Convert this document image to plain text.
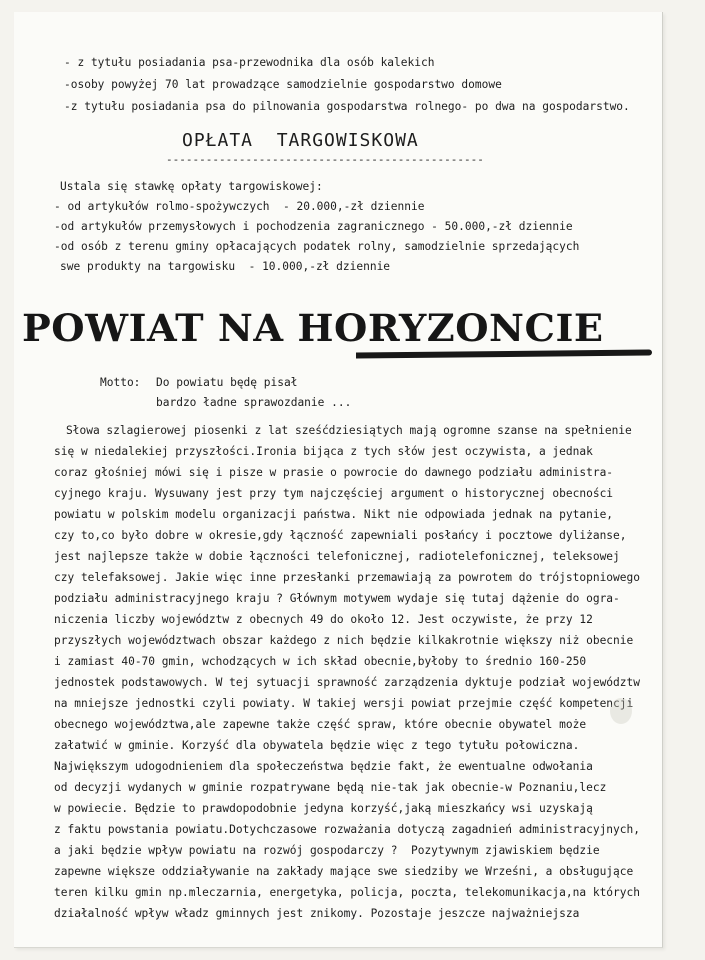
- z tytułu posiadania psa-przewodnika dla osób kalekich
-osoby powyżej 70 lat prowadzące samodzielnie gospodarstwo domowe
-z tytułu posiadania psa do pilnowania gospodarstwa rolnego- po dwa na gospodarstwo.
OPŁATA  TARGOWISKOWA
------------------------------------------------
Ustala się stawkę opłaty targowiskowej:
- od artykułów rolmo-spożywczych  - 20.000,-zł dziennie
-od artykułów przemysłowych i pochodzenia zagranicznego - 50.000,-zł dziennie
-od osób z terenu gminy opłacających podatek rolny, samodzielnie sprzedających
swe produkty na targowisku  - 10.000,-zł dziennie
POWIAT NA HORYZONCIE
Motto: Do powiatu będę pisał
bardzo ładne sprawozdanie ...
Słowa szlagierowej piosenki z lat sześćdziesiątych mają ogromne szanse na spełnienie
się w niedalekiej przyszłości.Ironia bijąca z tych słów jest oczywista, a jednak
coraz głośniej mówi się i pisze w prasie o powrocie do dawnego podziału administra-
cyjnego kraju. Wysuwany jest przy tym najczęściej argument o historycznej obecności
powiatu w polskim modelu organizacji państwa. Nikt nie odpowiada jednak na pytanie,
czy to,co było dobre w okresie,gdy łączność zapewniali posłańcy i pocztowe dyliżanse,
jest najlepsze także w dobie łączności telefonicznej, radiotelefonicznej, teleksowej
czy telefaksowej. Jakie więc inne przesłanki przemawiają za powrotem do trójstopniowego
podziału administracyjnego kraju ? Głównym motywem wydaje się tutaj dążenie do ogra-
niczenia liczby województw z obecnych 49 do około 12. Jest oczywiste, że przy 12
przyszłych województwach obszar każdego z nich będzie kilkakrotnie większy niż obecnie
i zamiast 40-70 gmin, wchodzących w ich skład obecnie,byłoby to średnio 160-250
jednostek podstawowych. W tej sytuacji sprawność zarządzenia dyktuje podział województw
na mniejsze jednostki czyli powiaty. W takiej wersji powiat przejmie część kompetencji
obecnego województwa,ale zapewne także część spraw, które obecnie obywatel może
załatwić w gminie. Korzyść dla obywatela będzie więc z tego tytułu połowiczna.
Największym udogodnieniem dla społeczeństwa będzie fakt, że ewentualne odwołania
od decyzji wydanych w gminie rozpatrywane będą nie-tak jak obecnie-w Poznaniu,lecz
w powiecie. Będzie to prawdopodobnie jedyna korzyść,jaką mieszkańcy wsi uzyskają
z faktu powstania powiatu.Dotychczasowe rozważania dotyczą zagadnień administracyjnych,
a jaki będzie wpływ powiatu na rozwój gospodarczy ?  Pozytywnym zjawiskiem będzie
zapewne większe oddziaływanie na zakłady mające swe siedziby we Wrześni, a obsługujące
teren kilku gmin np.mleczarnia, energetyka, policja, poczta, telekomunikacja,na których
działalność wpływ władz gminnych jest znikomy. Pozostaje jeszcze najważniejsza
